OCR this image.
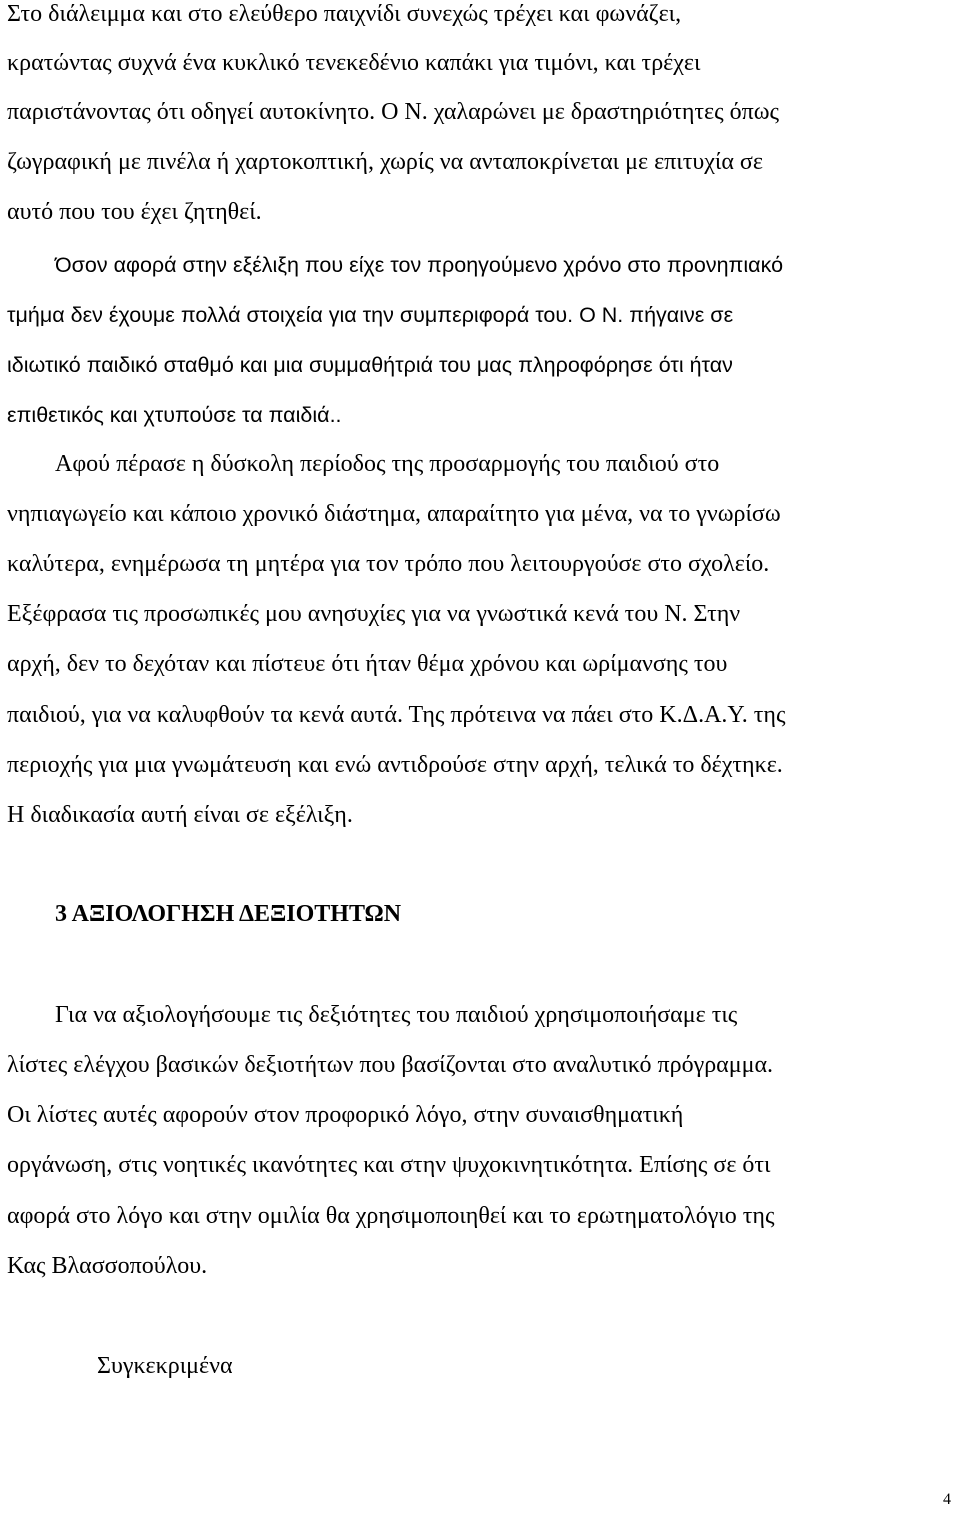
Στο διάλειμμα και στο ελεύθερο παιχνίδι συνεχώς τρέχει και φωνάζει,
κρατώντας συχνά ένα κυκλικό τενεκεδένιο καπάκι για τιμόνι, και τρέχει
παριστάνοντας ότι οδηγεί αυτοκίνητο. Ο Ν. χαλαρώνει με δραστηριότητες όπως
ζωγραφική με πινέλα ή χαρτοκοπτική, χωρίς να ανταποκρίνεται με επιτυχία σε
αυτό που του έχει ζητηθεί.
Όσον αφορά στην εξέλιξη που είχε τον προηγούμενο χρόνο στο προνηπιακό
τμήμα δεν έχουμε πολλά στοιχεία για την συμπεριφορά του. Ο Ν. πήγαινε σε
ιδιωτικό παιδικό σταθμό και μια συμμαθήτριά του μας πληροφόρησε ότι ήταν
επιθετικός και χτυπούσε τα παιδιά..
Αφού πέρασε η δύσκολη περίοδος της προσαρμογής του παιδιού στο
νηπιαγωγείο και κάποιο χρονικό διάστημα, απαραίτητο για μένα, να το γνωρίσω
καλύτερα, ενημέρωσα τη μητέρα για τον τρόπο που λειτουργούσε στο σχολείο.
Εξέφρασα τις προσωπικές μου ανησυχίες για να γνωστικά κενά του Ν. Στην
αρχή, δεν το δεχόταν και πίστευε ότι ήταν θέμα χρόνου και ωρίμανσης του
παιδιού, για να καλυφθούν τα κενά αυτά. Της πρότεινα να πάει στο Κ.Δ.Α.Υ. της
περιοχής για μια γνωμάτευση και ενώ αντιδρούσε στην αρχή, τελικά το δέχτηκε.
Η διαδικασία αυτή είναι σε εξέλιξη.
3 ΑΞΙΟΛΟΓΗΣΗ ΔΕΞΙΟΤΗΤΩΝ
Για να αξιολογήσουμε τις δεξιότητες του παιδιού χρησιμοποιήσαμε τις
λίστες ελέγχου βασικών δεξιοτήτων που βασίζονται στο αναλυτικό πρόγραμμα.
Οι λίστες αυτές αφορούν στον προφορικό λόγο, στην συναισθηματική
οργάνωση, στις νοητικές ικανότητες και στην ψυχοκινητικότητα. Επίσης σε ότι
αφορά στο λόγο και στην ομιλία θα χρησιμοποιηθεί και το ερωτηματολόγιο της
Κας Βλασσοπούλου.
Συγκεκριμένα
4
